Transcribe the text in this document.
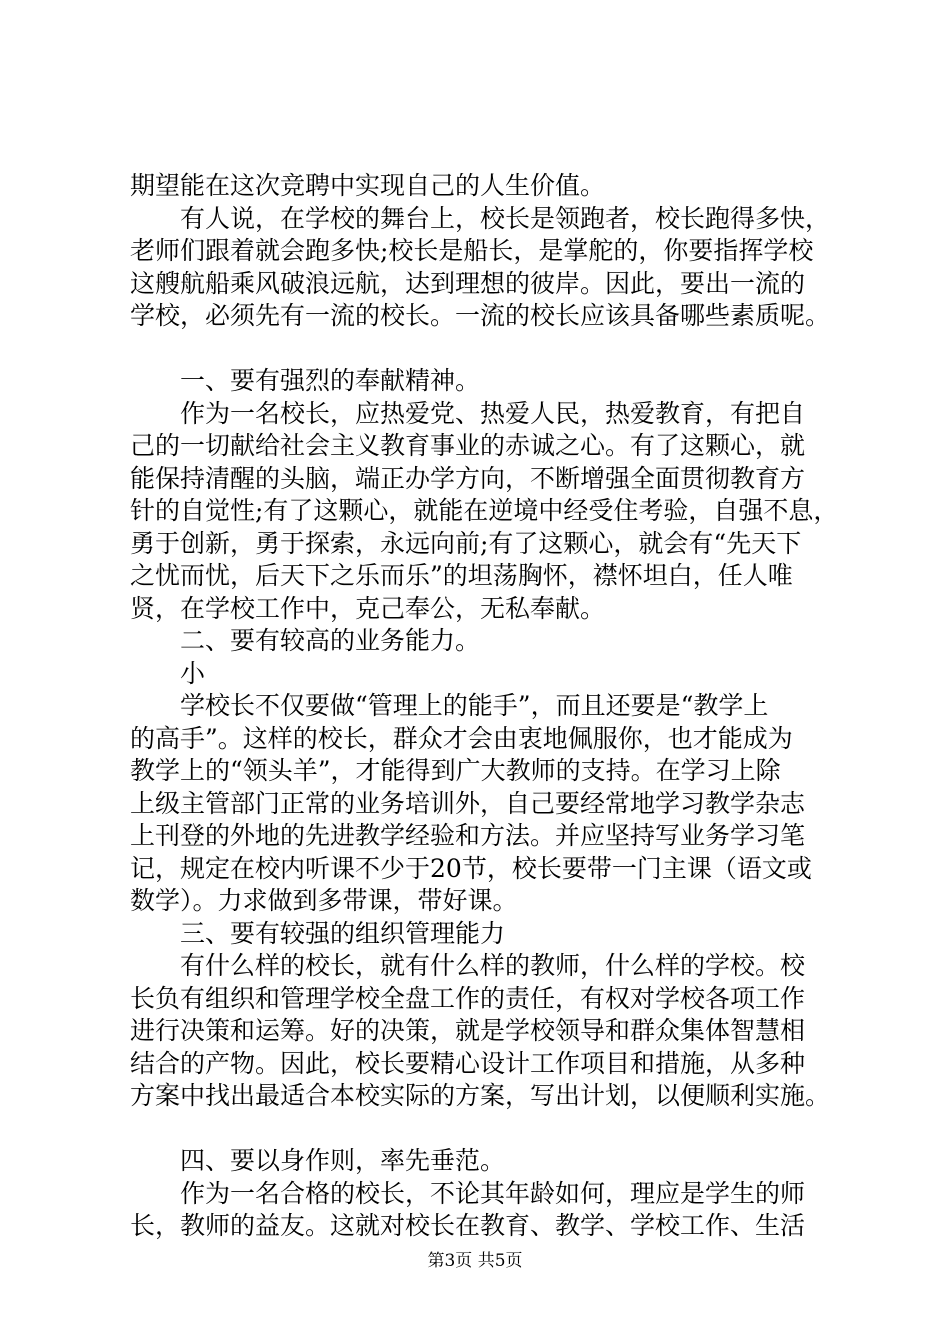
期望能在这次竞聘中实现自己的人生价值。
　　有人说，在学校的舞台上，校长是领跑者，校长跑得多快，
老师们跟着就会跑多快;校长是船长，是掌舵的，你要指挥学校
这艘航船乘风破浪远航，达到理想的彼岸。因此，要出一流的
学校，必须先有一流的校长。一流的校长应该具备哪些素质呢。
　　一、要有强烈的奉献精神。
　　作为一名校长，应热爱党、热爱人民，热爱教育，有把自
己的一切献给社会主义教育事业的赤诚之心。有了这颗心，就
能保持清醒的头脑，端正办学方向，不断增强全面贯彻教育方
针的自觉性;有了这颗心，就能在逆境中经受住考验，自强不息，
勇于创新，勇于探索，永远向前;有了这颗心，就会有“先天下
之忧而忧，后天下之乐而乐”的坦荡胸怀，襟怀坦白，任人唯
贤，在学校工作中，克己奉公，无私奉献。
　　二、要有较高的业务能力。
　　小
　　学校长不仅要做“管理上的能手”，而且还要是“教学上
的高手”。这样的校长，群众才会由衷地佩服你，也才能成为
教学上的“领头羊”，才能得到广大教师的支持。在学习上除
上级主管部门正常的业务培训外，自己要经常地学习教学杂志
上刊登的外地的先进教学经验和方法。并应坚持写业务学习笔
记，规定在校内听课不少于20节，校长要带一门主课（语文或
数学）。力求做到多带课，带好课。
　　三、要有较强的组织管理能力
　　有什么样的校长，就有什么样的教师，什么样的学校。校
长负有组织和管理学校全盘工作的责任，有权对学校各项工作
进行决策和运筹。好的决策，就是学校领导和群众集体智慧相
结合的产物。因此，校长要精心设计工作项目和措施，从多种
方案中找出最适合本校实际的方案，写出计划，以便顺利实施。
　　四、要以身作则，率先垂范。
　　作为一名合格的校长，不论其年龄如何，理应是学生的师
长，教师的益友。这就对校长在教育、教学、学校工作、生活
第3页 共5页
